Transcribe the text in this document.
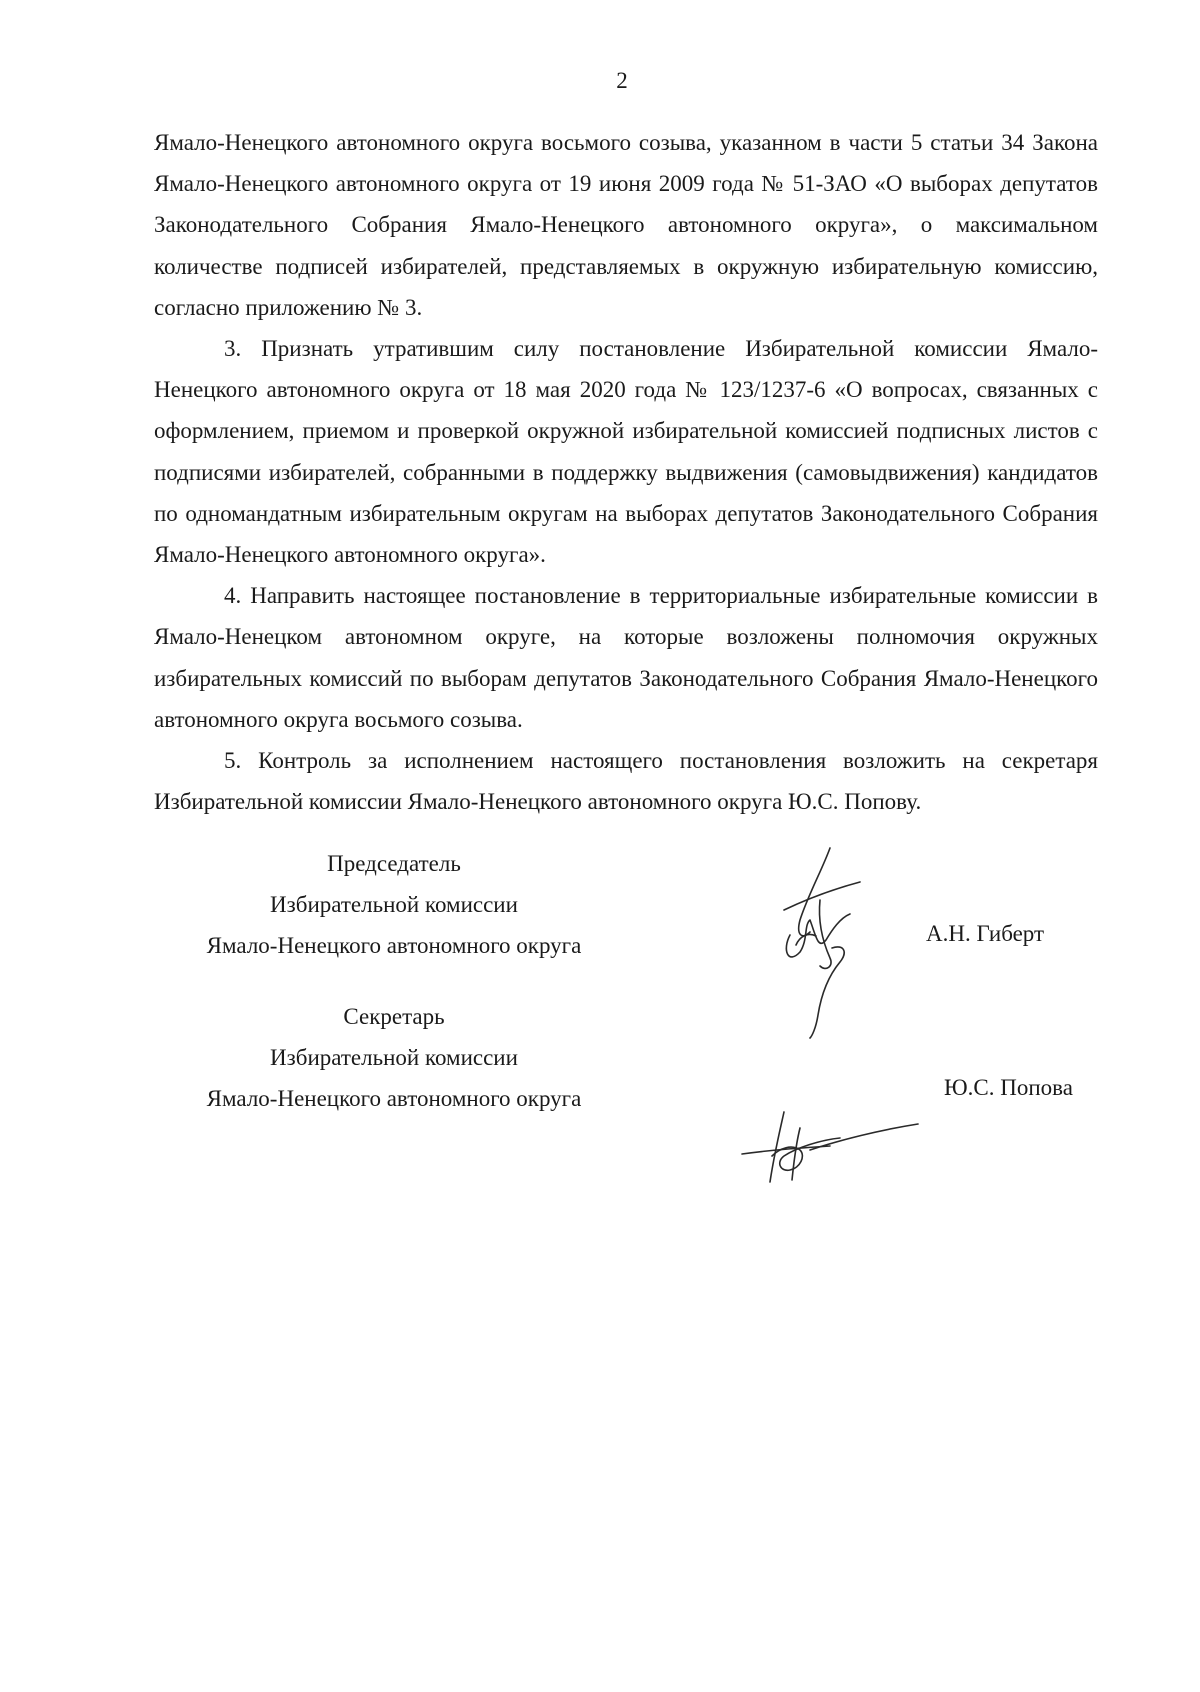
2

Ямало-Ненецкого автономного округа восьмого созыва, указанном в части 5 статьи 34 Закона Ямало-Ненецкого автономного округа от 19 июня 2009 года № 51-ЗАО «О выборах депутатов Законодательного Собрания Ямало-Ненецкого автономного округа», о максимальном количестве подписей избирателей, представляемых в окружную избирательную комиссию, согласно приложению № 3.

3. Признать утратившим силу постановление Избирательной комиссии Ямало-Ненецкого автономного округа от 18 мая 2020 года № 123/1237-6 «О вопросах, связанных с оформлением, приемом и проверкой окружной избирательной комиссией подписных листов с подписями избирателей, собранными в поддержку выдвижения (самовыдвижения) кандидатов по одномандатным избирательным округам на выборах депутатов Законодательного Собрания Ямало-Ненецкого автономного округа».

4. Направить настоящее постановление в территориальные избирательные комиссии в Ямало-Ненецком автономном округе, на которые возложены полномочия окружных избирательных комиссий по выборам депутатов Законодательного Собрания Ямало-Ненецкого автономного округа восьмого созыва.

5. Контроль за исполнением настоящего постановления возложить на секретаря Избирательной комиссии Ямало-Ненецкого автономного округа Ю.С. Попову.

Председатель
Избирательной комиссии
Ямало-Ненецкого автономного округа	А.Н. Гиберт
Секретарь
Избирательной комиссии
Ямало-Ненецкого автономного округа	Ю.С. Попова
